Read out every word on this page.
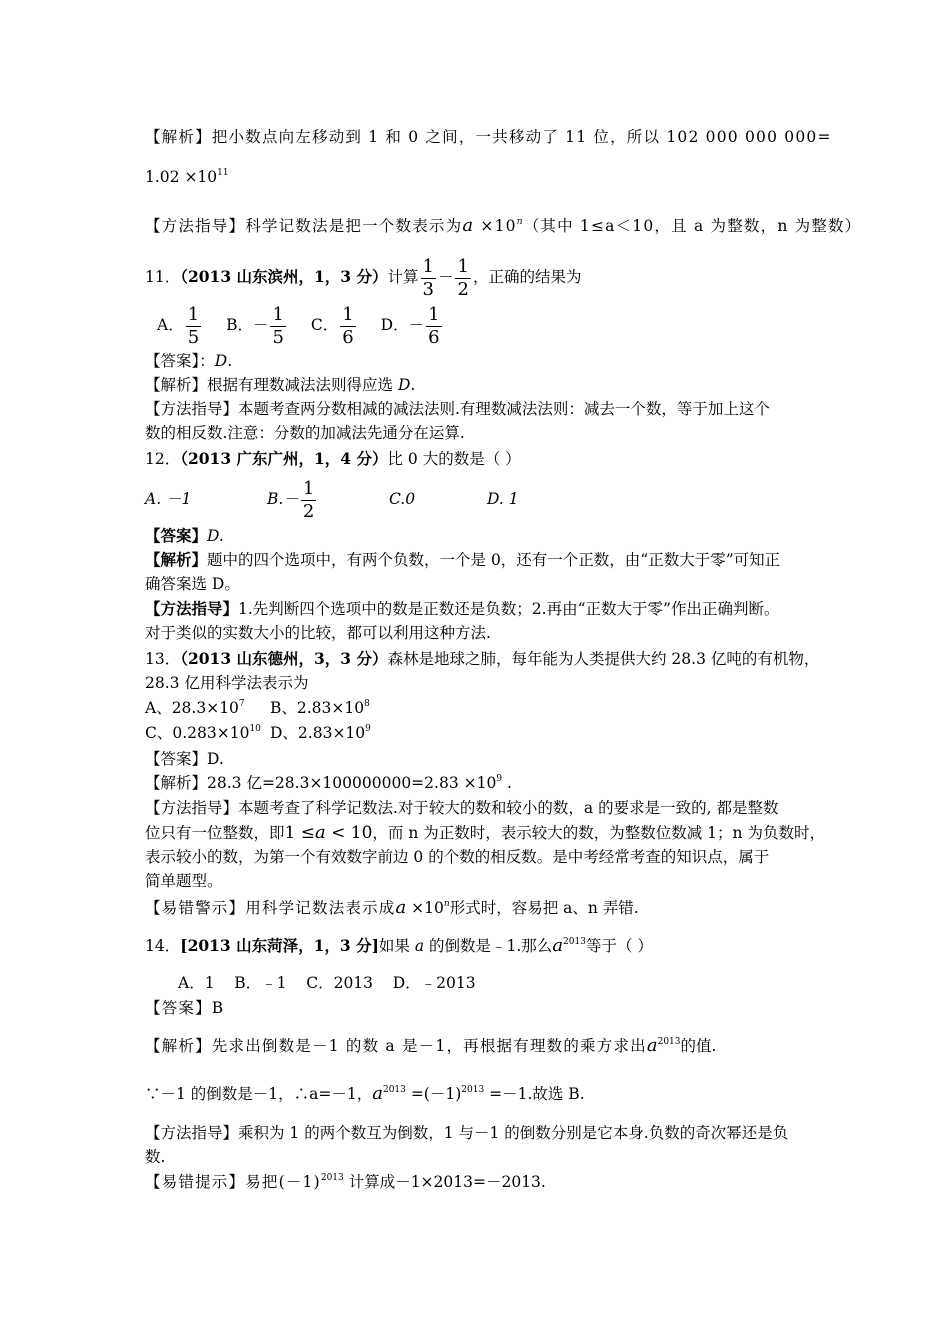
【解析】把小数点向左移动到 1 和 0 之间，一共移动了 11 位，所以 102 000 000 000=
$1.02 \times 10^{11}$
【方法指导】科学记数法是把一个数表示为$a \times 10^n$（其中 1≤a＜10，且 a 为整数，n 为整数）
11．（2013 山东滨州，1，3 分）计算 $\frac{1}{3} - \frac{1}{2}$ ，正确的结果为
A． $\frac{1}{5}$ B．－ $\frac{1}{5}$ C． $\frac{1}{6}$ D．－ $\frac{1}{6}$
【答案】：D.
【解析】根据有理数减法法则得应选 D.
【方法指导】本题考查两分数相减的减法法则.有理数减法法则：减去一个数，等于加上这个
数的相反数.注意：分数的加减法先通分在运算.
12．（2013 广东广州，1，4 分）比 0 大的数是（ ）
A. －1	$B.- \frac{1}{2}$	C.0	D. 1
【答案】D.
【解析】题中的四个选项中，有两个负数，一个是 0，还有一个正数，由“正数大于零”可知正
确答案选 D。
【方法指导】1.先判断四个选项中的数是正数还是负数；2.再由“正数大于零”作出正确判断。
对于类似的实数大小的比较，都可以利用这种方法.
13．（2013 山东德州，3，3 分）森林是地球之肺，每年能为人类提供大约 28.3 亿吨的有机物，
28.3 亿用科学法表示为
A、$28.3\times 10^7$ B、$2.83\times 10^8$
C、$0.283\times 10^{10}$ D、$2.83\times 10^9$
【答案】D.
【解析】28.3 亿$=28.3\times 100000000=2.83 \times 10^9$ .
【方法指导】本题考查了科学记数法.对于较大的数和较小的数，a 的要求是一致的, 都是整数
位只有一位整数，即1 ≤a < 10，而 n 为正数时，表示较大的数，为整数位数减 1；n 为负数时，
表示较小的数，为第一个有效数字前边 0 的个数的相反数。是中考经常考查的知识点，属于
简单题型。
【易错警示】用科学记数法表示成$a \times 10^n$形式时，容易把 a、n 弄错.
14．[2013 山东菏泽，1，3 分]如果 a 的倒数是﹣1.那么$a^{2013}$等于（ ）
A．1    B．﹣1    C．2013    D．﹣2013
【答案】B
【解析】先求出倒数是－1 的数 a 是－1，再根据有理数的乘方求出$a^{2013}$的值.
∵－1 的倒数是－1，∴a=－1，$a^{2013} =(-1)^{2013} =-1$.故选 B.
【方法指导】乘积为 1 的两个数互为倒数，1 与－1 的倒数分别是它本身.负数的奇次幂还是负
数.
【易错提示】易把$(-1)^{2013}$ 计算成－1×2013=－2013.
